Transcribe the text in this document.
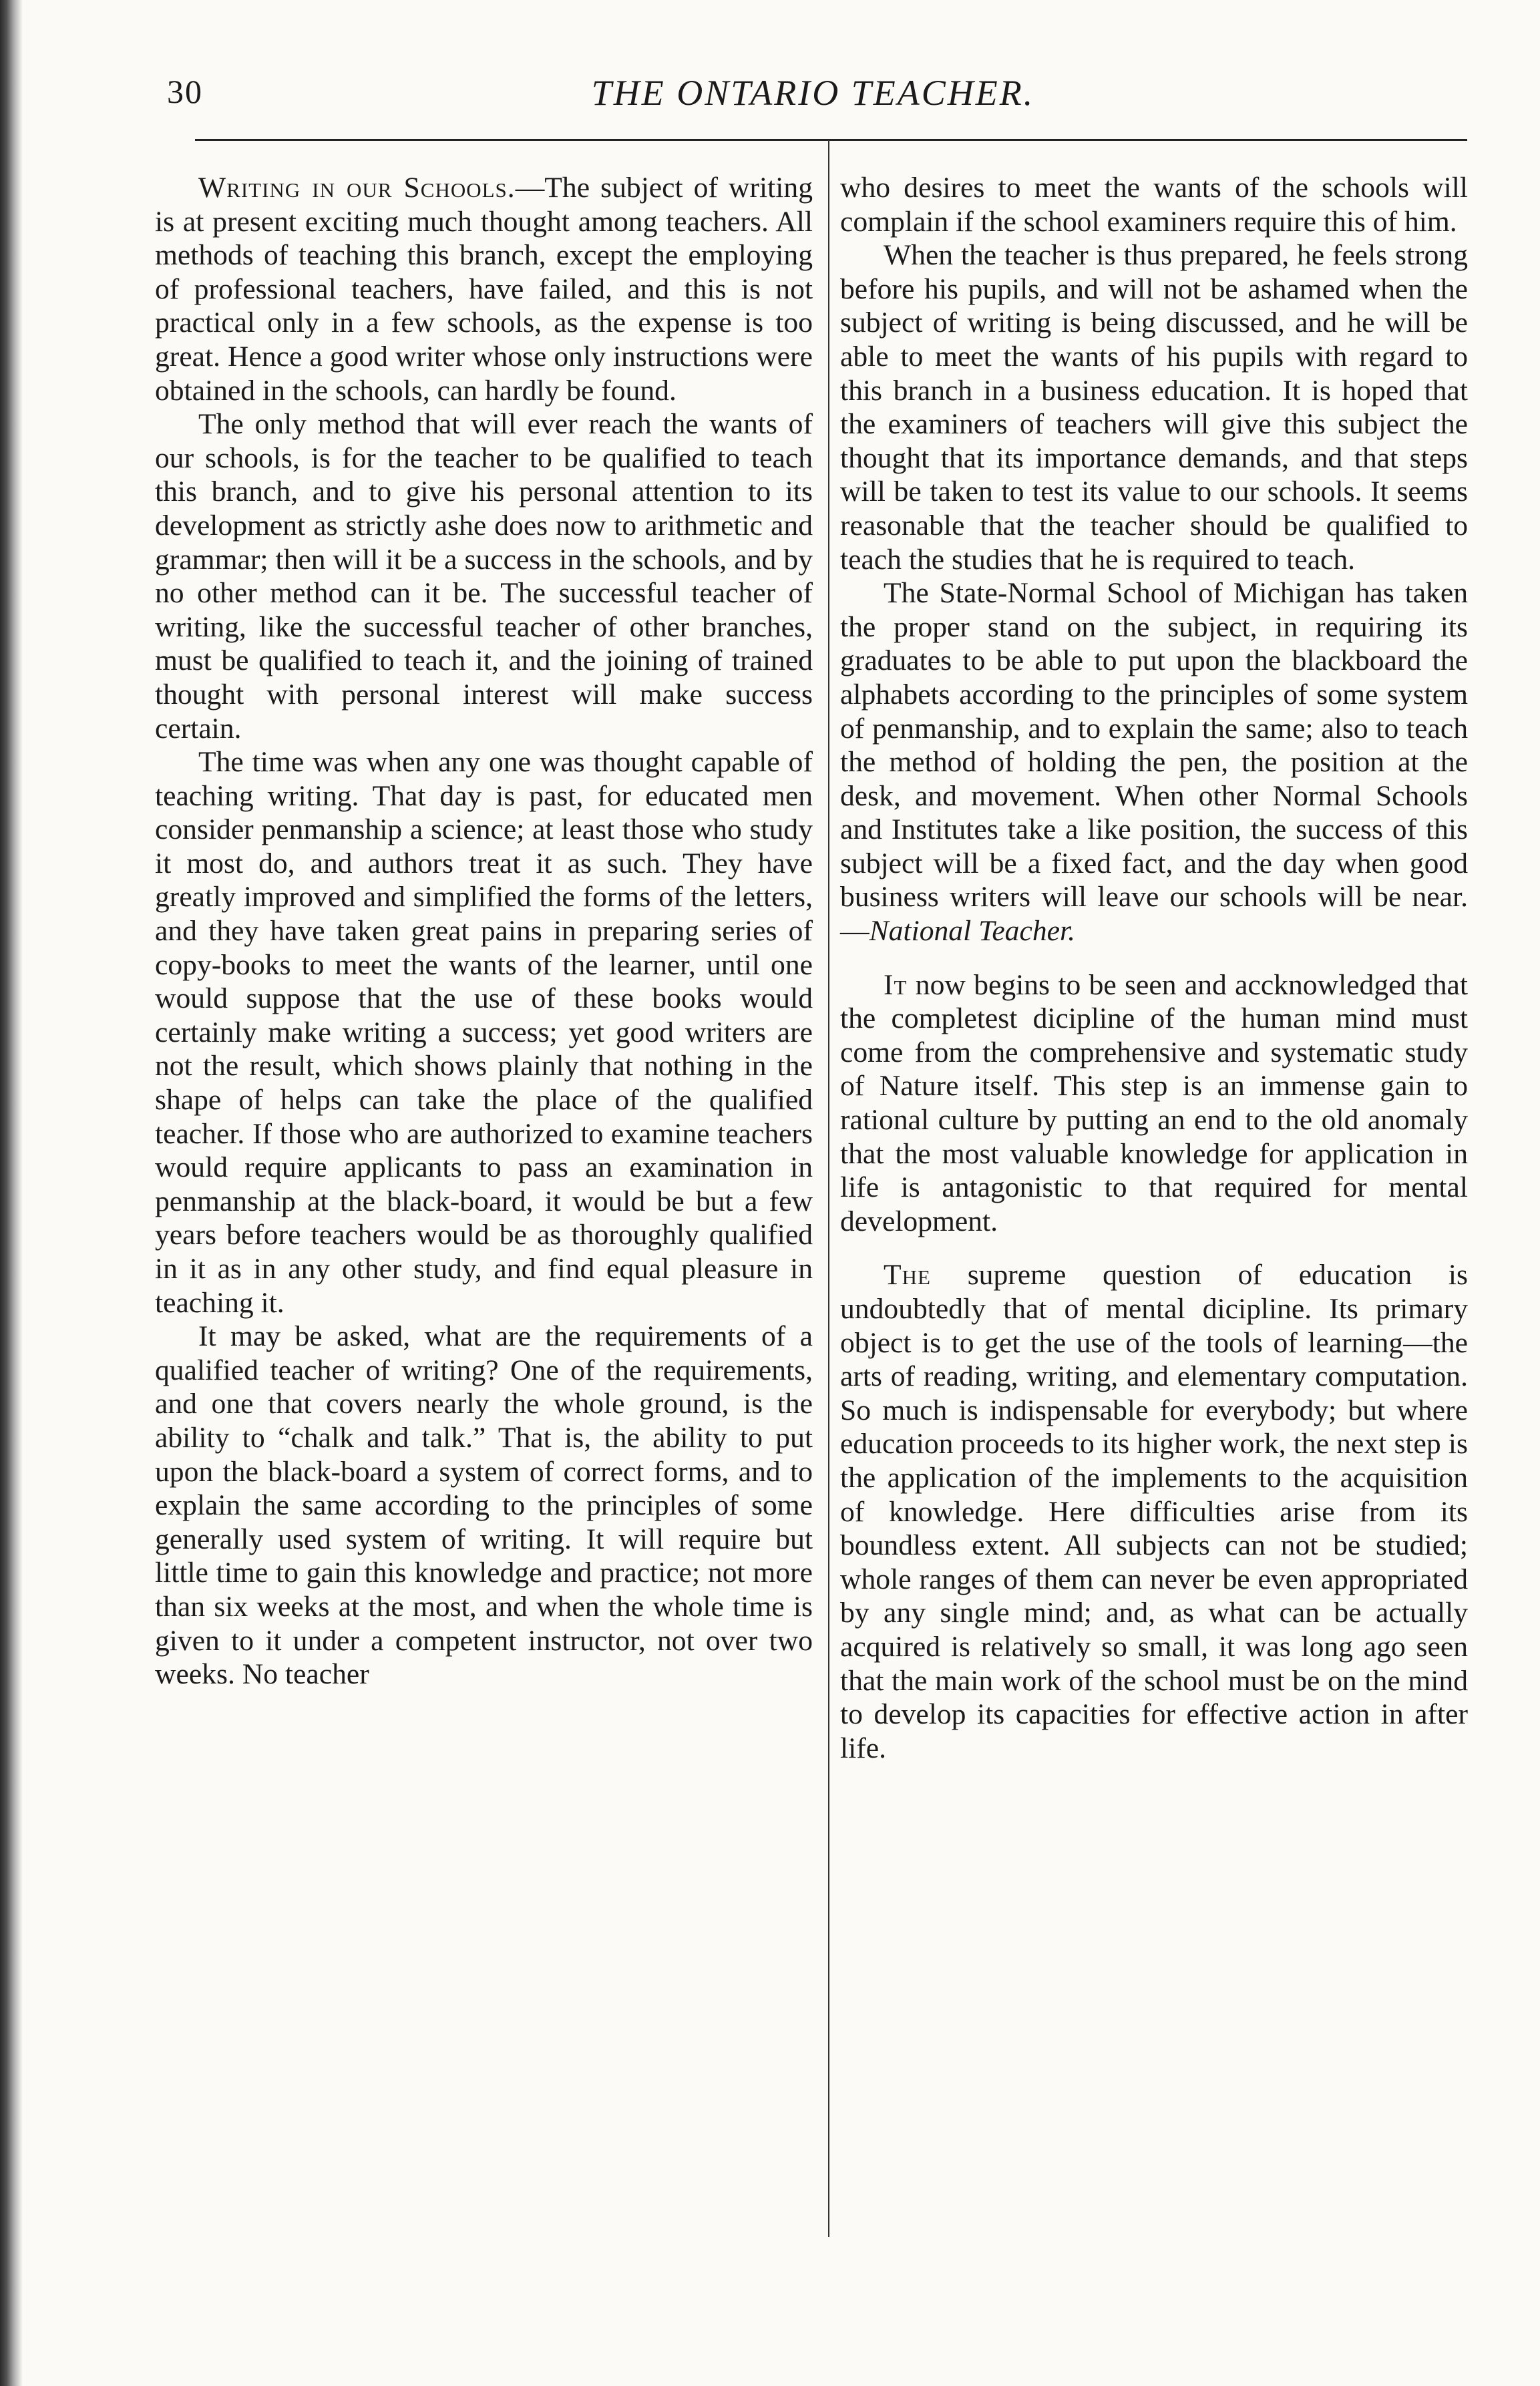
30	THE ONTARIO TEACHER.

Writing in our Schools.—The subject of writing is at present exciting much thought among teachers. All methods of teaching this branch, except the employing of professional teachers, have failed, and this is not practical only in a few schools, as the expense is too great. Hence a good writer whose only instructions were obtained in the schools, can hardly be found.

The only method that will ever reach the wants of our schools, is for the teacher to be qualified to teach this branch, and to give his personal attention to its development as strictly ashe does now to arithmetic and grammar; then will it be a success in the schools, and by no other method can it be. The successful teacher of writing, like the successful teacher of other branches, must be qualified to teach it, and the joining of trained thought with personal interest will make success certain.

The time was when any one was thought capable of teaching writing. That day is past, for educated men consider penmanship a science; at least those who study it most do, and authors treat it as such. They have greatly improved and simplified the forms of the letters, and they have taken great pains in preparing series of copy-books to meet the wants of the learner, until one would suppose that the use of these books would certainly make writing a success; yet good writers are not the result, which shows plainly that nothing in the shape of helps can take the place of the qualified teacher. If those who are authorized to examine teachers would require applicants to pass an examination in penmanship at the black-board, it would be but a few years before teachers would be as thoroughly qualified in it as in any other study, and find equal pleasure in teaching it.

It may be asked, what are the requirements of a qualified teacher of writing? One of the requirements, and one that covers nearly the whole ground, is the ability to “chalk and talk.” That is, the ability to put upon the black-board a system of correct forms, and to explain the same according to the principles of some generally used system of writing. It will require but little time to gain this knowledge and practice; not more than six weeks at the most, and when the whole time is given to it under a competent instructor, not over two weeks. No teacher

who desires to meet the wants of the schools will complain if the school examiners require this of him.

When the teacher is thus prepared, he feels strong before his pupils, and will not be ashamed when the subject of writing is being discussed, and he will be able to meet the wants of his pupils with regard to this branch in a business education. It is hoped that the examiners of teachers will give this subject the thought that its importance demands, and that steps will be taken to test its value to our schools. It seems reasonable that the teacher should be qualified to teach the studies that he is required to teach.

The State-Normal School of Michigan has taken the proper stand on the subject, in requiring its graduates to be able to put upon the blackboard the alphabets according to the principles of some system of penmanship, and to explain the same; also to teach the method of holding the pen, the position at the desk, and movement. When other Normal Schools and Institutes take a like position, the success of this subject will be a fixed fact, and the day when good business writers will leave our schools will be near.—National Teacher.

It now begins to be seen and accknowledged that the completest dicipline of the human mind must come from the comprehensive and systematic study of Nature itself. This step is an immense gain to rational culture by putting an end to the old anomaly that the most valuable knowledge for application in life is antagonistic to that required for mental development.

The supreme question of education is undoubtedly that of mental dicipline. Its primary object is to get the use of the tools of learning—the arts of reading, writing, and elementary computation. So much is indispensable for everybody; but where education proceeds to its higher work, the next step is the application of the implements to the acquisition of knowledge. Here difficulties arise from its boundless extent. All subjects can not be studied; whole ranges of them can never be even appropriated by any single mind; and, as what can be actually acquired is relatively so small, it was long ago seen that the main work of the school must be on the mind to develop its capacities for effective action in after life.
